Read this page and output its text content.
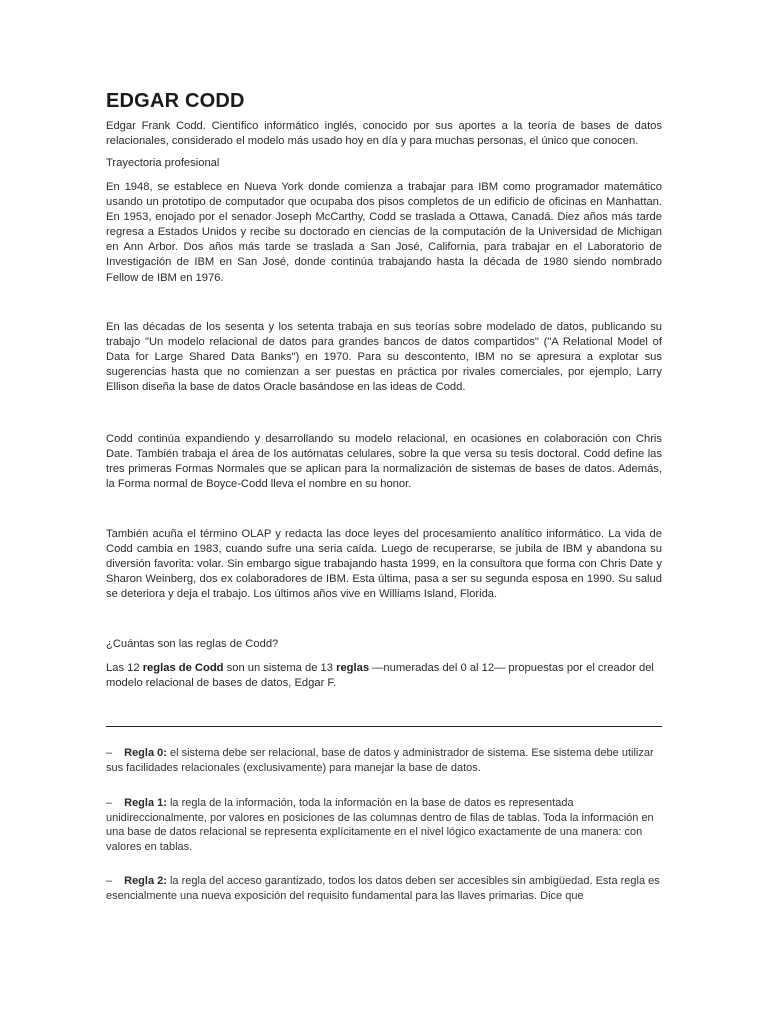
EDGAR CODD

Edgar Frank Codd. Científico informático inglés, conocido por sus aportes a la teoría de bases de datos relacionales, considerado el modelo más usado hoy en día y para muchas personas, el único que conocen.

Trayectoria profesional

En 1948, se establece en Nueva York donde comienza a trabajar para IBM como programador matemático usando un prototipo de computador que ocupaba dos pisos completos de un edificio de oficinas en Manhattan. En 1953, enojado por el senador Joseph McCarthy, Codd se traslada a Ottawa, Canadá. Diez años más tarde regresa a Estados Unidos y recibe su doctorado en ciencias de la computación de la Universidad de Michigan en Ann Arbor. Dos años más tarde se traslada a San José, California, para trabajar en el Laboratorio de Investigación de IBM en San José, donde continúa trabajando hasta la década de 1980 siendo nombrado Fellow de IBM en 1976.

En las décadas de los sesenta y los setenta trabaja en sus teorías sobre modelado de datos, publicando su trabajo "Un modelo relacional de datos para grandes bancos de datos compartidos" ("A Relational Model of Data for Large Shared Data Banks") en 1970. Para su descontento, IBM no se apresura a explotar sus sugerencias hasta que no comienzan a ser puestas en práctica por rivales comerciales, por ejemplo, Larry Ellison diseña la base de datos Oracle basándose en las ideas de Codd.

Codd continúa expandiendo y desarrollando su modelo relacional, en ocasiones en colaboración con Chris Date. También trabaja el área de los autómatas celulares, sobre la que versa su tesis doctoral. Codd define las tres primeras Formas Normales que se aplican para la normalización de sistemas de bases de datos. Además, la Forma normal de Boyce-Codd lleva el nombre en su honor.

También acuña el término OLAP y redacta las doce leyes del procesamiento analítico informático. La vida de Codd cambia en 1983, cuando sufre una seria caída. Luego de recuperarse, se jubila de IBM y abandona su diversión favorita: volar. Sin embargo sigue trabajando hasta 1999, en la consultora que forma con Chris Date y Sharon Weinberg, dos ex colaboradores de IBM. Esta última, pasa a ser su segunda esposa en 1990. Su salud se deteriora y deja el trabajo. Los últimos años vive en Williams Island, Florida.

¿Cuántas son las reglas de Codd?

Las 12 reglas de Codd son un sistema de 13 reglas —numeradas del 0 al 12— propuestas por el creador del modelo relacional de bases de datos, Edgar F.

– Regla 0: el sistema debe ser relacional, base de datos y administrador de sistema. Ese sistema debe utilizar sus facilidades relacionales (exclusivamente) para manejar la base de datos.

– Regla 1: la regla de la información, toda la información en la base de datos es representada unidireccionalmente, por valores en posiciones de las columnas dentro de filas de tablas. Toda la información en una base de datos relacional se representa explícitamente en el nivel lógico exactamente de una manera: con valores en tablas.

– Regla 2: la regla del acceso garantizado, todos los datos deben ser accesibles sin ambigüedad. Esta regla es esencialmente una nueva exposición del requisito fundamental para las llaves primarias. Dice que
